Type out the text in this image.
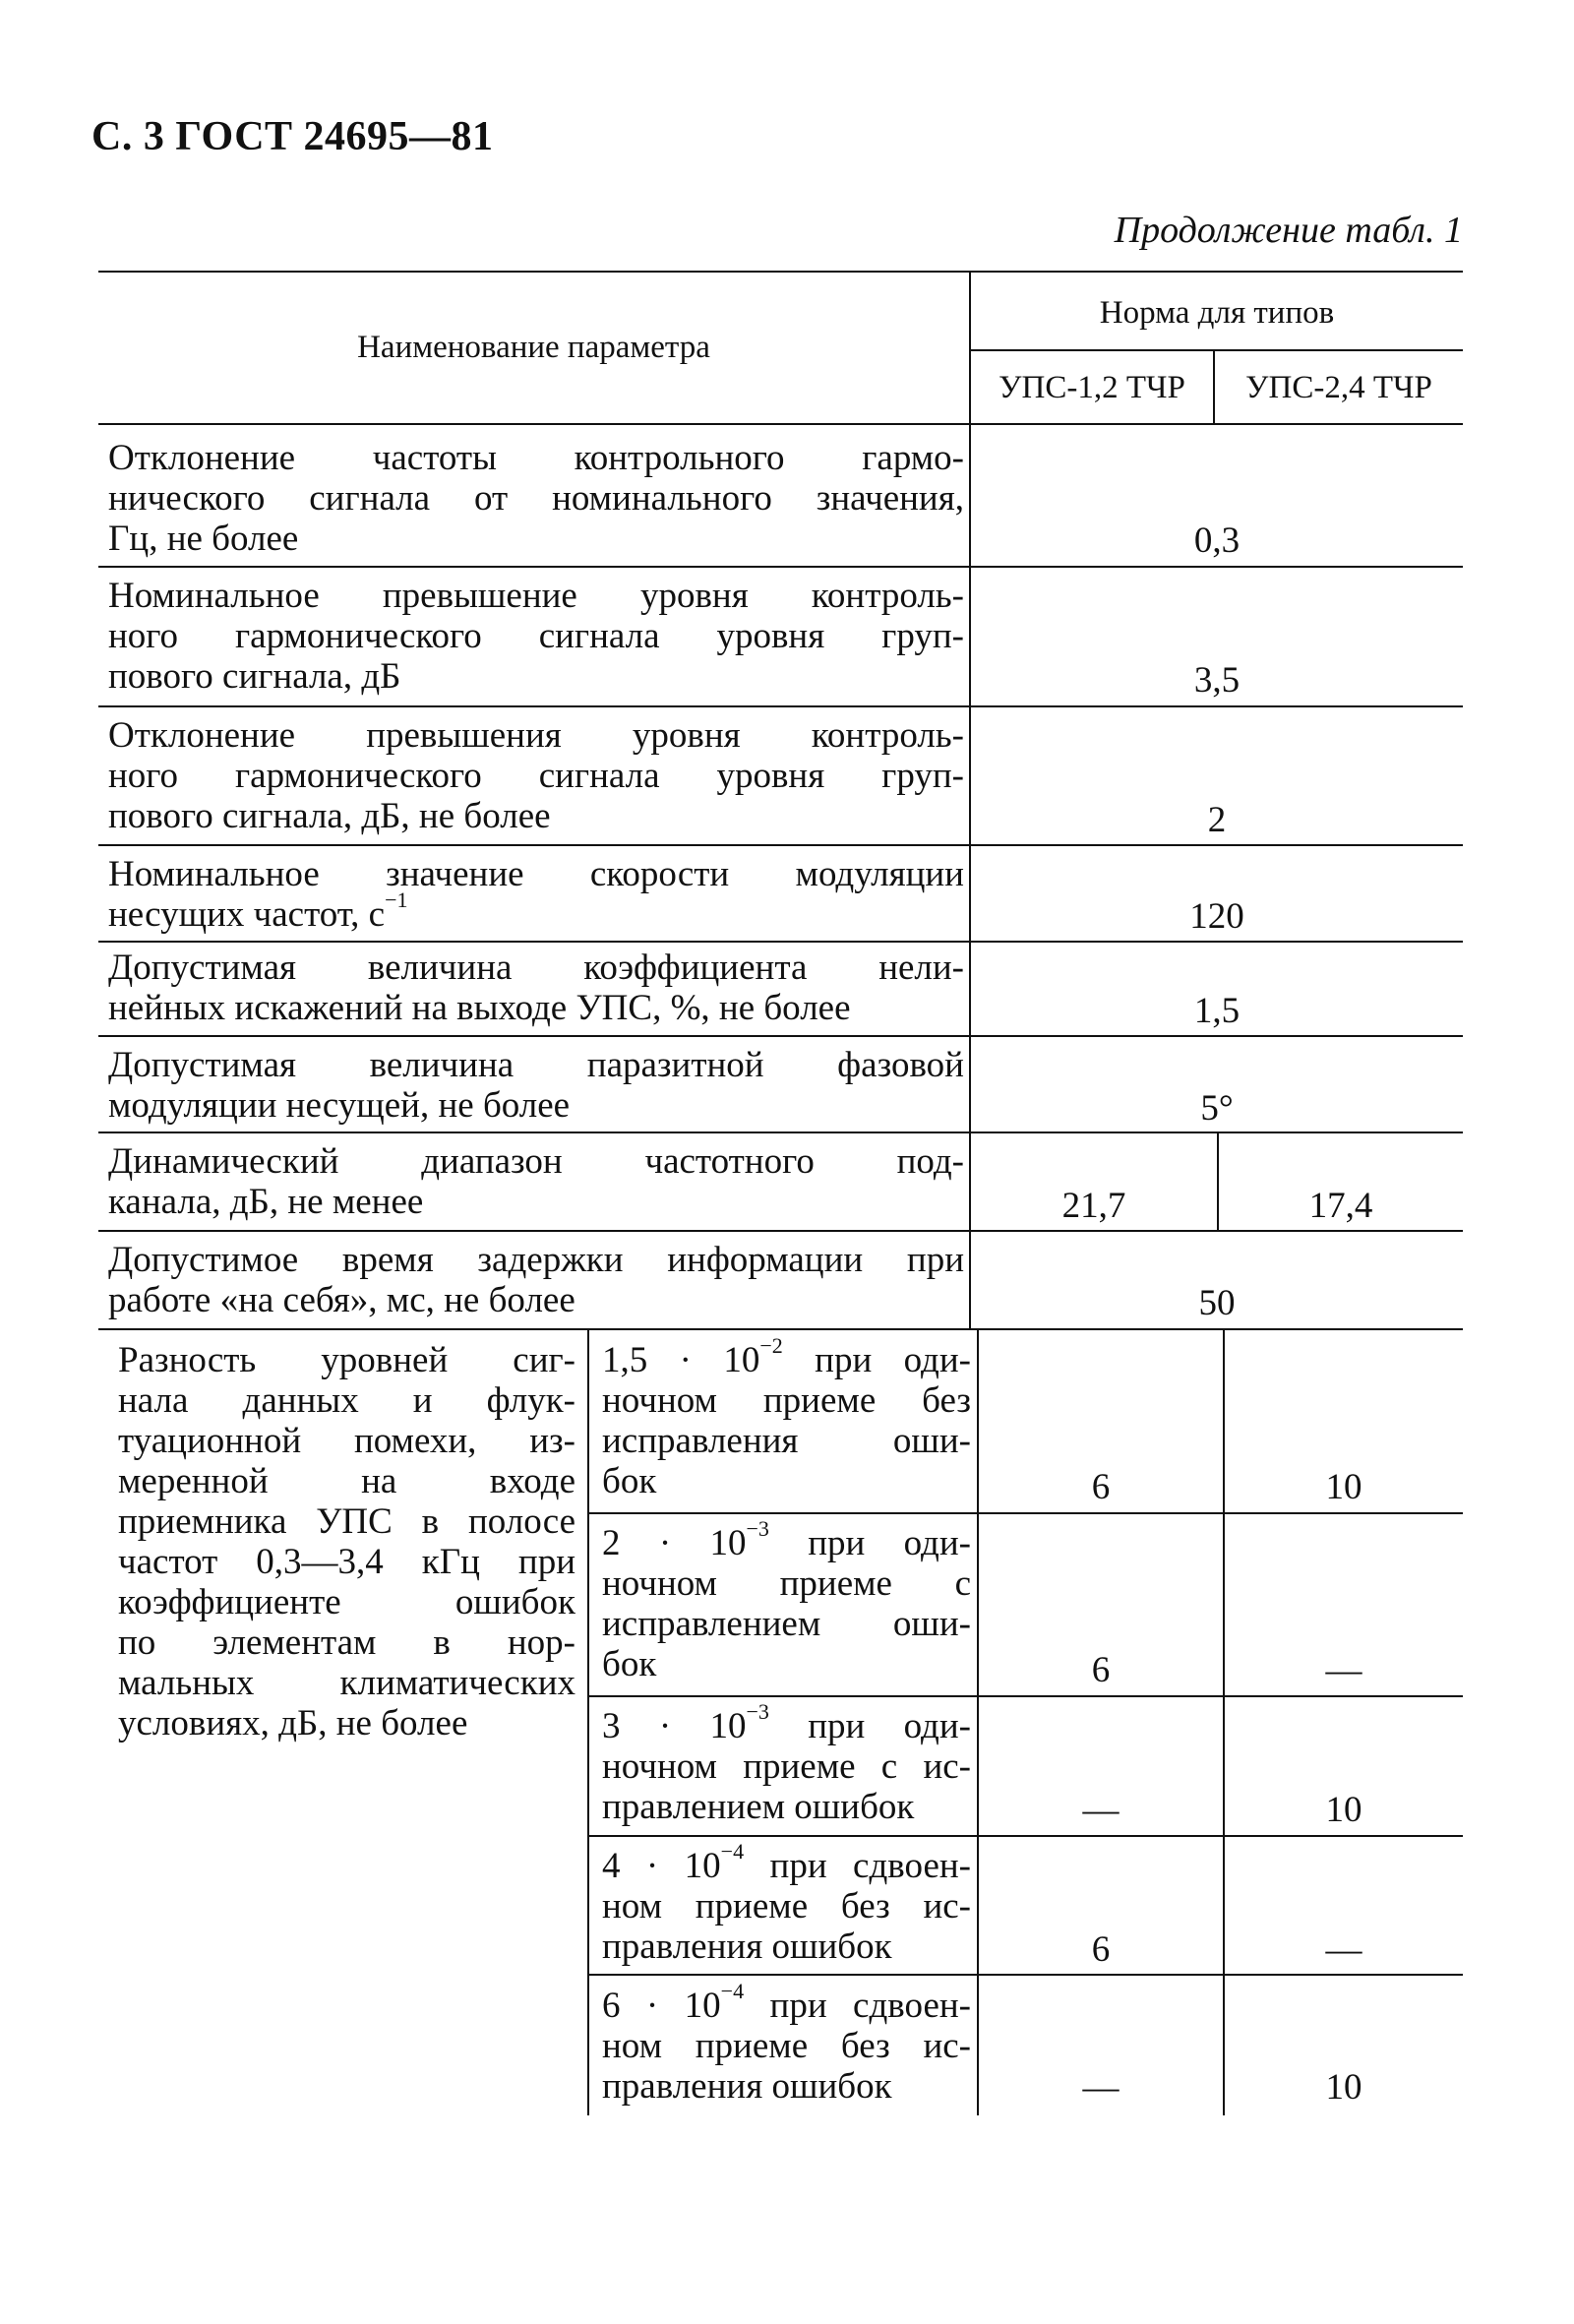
С. 3 ГОСТ 24695—81
Продолжение табл. 1
Наименование параметра
Норма для типов
УПС-1,2 ТЧР	УПС-2,4 ТЧР
Отклонение частоты контрольного гармо-
нического сигнала от номинального значения,
Гц, не более	0,3
Номинальное превышение уровня контроль-
ного гармонического сигнала уровня груп-
пового сигнала, дБ	3,5
Отклонение превышения уровня контроль-
ного гармонического сигнала уровня груп-
пового сигнала, дБ, не более	2
Номинальное значение скорости модуляции
несущих частот, $с^{-1}$	120
Допустимая величина коэффициента нели-
нейных искажений на выходе УПС, %, не более	1,5
Допустимая величина паразитной фазовой
модуляции несущей, не более	5°
Динамический диапазон частотного под-
канала, дБ, не менее	21,7	17,4
Допустимое время задержки информации при
работе «на себя», мс, не более	50
Разность уровней сиг-
нала данных и флук-
туационной помехи, из-
меренной на входе
приемника УПС в полосе
частот 0,3—3,4 кГц при
коэффициенте ошибок
по элементам в нор-
мальных климатических
условиях, дБ, не более
$1,5 \cdot 10^{-2}$ при оди-
ночном приеме без
исправления оши-
бок	6	10
$2 \cdot 10^{-3}$ при оди-
ночном приеме с
исправлением оши-
бок	6	—
$3 \cdot 10^{-3}$ при оди-
ночном приеме с ис-
правлением ошибок	—	10
$4 \cdot 10^{-4}$ при сдвоен-
ном приеме без ис-
правления ошибок	6	—
$6 \cdot 10^{-4}$ при сдвоен-
ном приеме без ис-
правления ошибок	—	10
